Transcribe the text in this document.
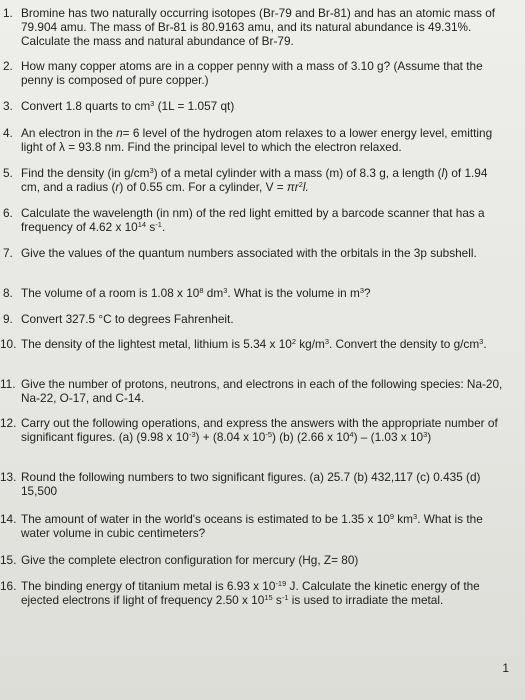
1. Bromine has two naturally occurring isotopes (Br-79 and Br-81) and has an atomic mass of 79.904 amu. The mass of Br-81 is 80.9163 amu, and its natural abundance is 49.31%. Calculate the mass and natural abundance of Br-79.
2. How many copper atoms are in a copper penny with a mass of 3.10 g? (Assume that the penny is composed of pure copper.)
3. Convert 1.8 quarts to $cm^3$ (1L = 1.057 qt)
4. An electron in the n= 6 level of the hydrogen atom relaxes to a lower energy level, emitting light of λ = 93.8 nm. Find the principal level to which the electron relaxed.
5. Find the density (in $g/cm^3$) of a metal cylinder with a mass (m) of 8.3 g, a length (l) of 1.94 cm, and a radius (r) of 0.55 cm. For a cylinder, $V = \pi r^2l$.
6. Calculate the wavelength (in nm) of the red light emitted by a barcode scanner that has a frequency of 4.62 x $10^{14}$ $s^{-1}$.
7. Give the values of the quantum numbers associated with the orbitals in the 3p subshell.
8. The volume of a room is 1.08 x $10^8$ $dm^3$. What is the volume in $m^3$?
9. Convert 327.5 °C to degrees Fahrenheit.
10. The density of the lightest metal, lithium is 5.34 x $10^2$ $kg/m^3$. Convert the density to $g/cm^3$.
11. Give the number of protons, neutrons, and electrons in each of the following species: Na-20, Na-22, O-17, and C-14.
12. Carry out the following operations, and express the answers with the appropriate number of significant figures. (a) (9.98 x $10^{-3}) + (8.04$ x $10^{-5}$) (b) (2.66 x $10^4) - (1.03$ x $10^3$)
13. Round the following numbers to two significant figures. (a) 25.7 (b) 432,117 (c) 0.435 (d) 15,500
14. The amount of water in the world's oceans is estimated to be 1.35 x $10^9$ $km^3$. What is the water volume in cubic centimeters?
15. Give the complete electron configuration for mercury (Hg, Z= 80)
16. The binding energy of titanium metal is 6.93 x $10^{-19}$ J. Calculate the kinetic energy of the ejected electrons if light of frequency 2.50 x $10^{15}$ $s^{-1}$ is used to irradiate the metal.
1
